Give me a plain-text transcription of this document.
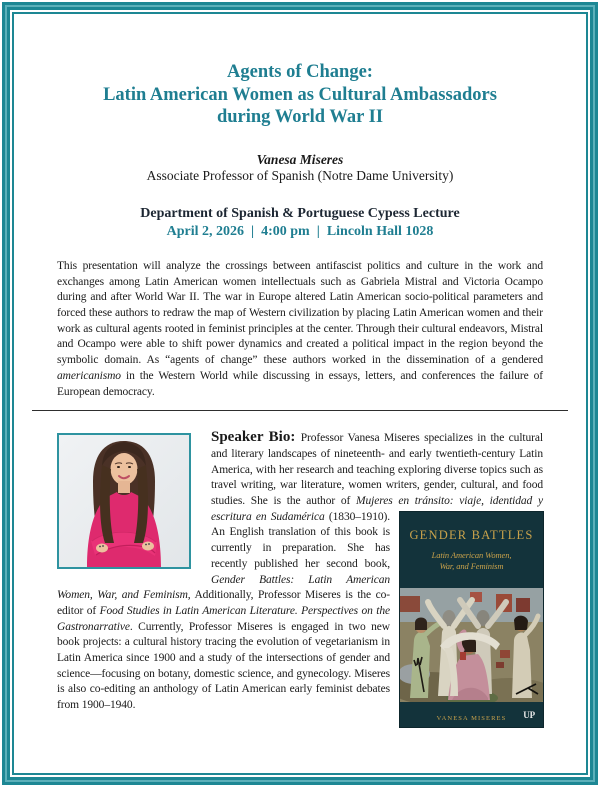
Agents of Change:
Latin American Women as Cultural Ambassadors
during World War II
Vanesa Miseres
Associate Professor of Spanish (Notre Dame University)
Department of Spanish & Portuguese Cypess Lecture
April 2, 2026 | 4:00 pm | Lincoln Hall 1028

This presentation will analyze the crossings between antifascist politics and culture in the work and exchanges among Latin American women intellectuals such as Gabriela Mistral and Victoria Ocampo during and after World War II. The war in Europe altered Latin American socio-political parameters and forced these authors to redraw the map of Western civilization by placing Latin American women and their work as cultural agents rooted in feminist principles at the center. Through their cultural endeavors, Mistral and Ocampo were able to shift power dynamics and created a political impact in the region beyond the symbolic domain. As “agents of change” these authors worked in the dissemination of a gendered americanismo in the Western World while discussing in essays, letters, and conferences the failure of European democracy.

Speaker Bio: Professor Vanesa Miseres specializes in the cultural and literary landscapes of nineteenth- and early twentieth-century Latin America, with her research and teaching exploring diverse topics such as travel writing, war literature, women writers, gender, cultural, and food studies. She is the author of Mujeres en tránsito: viaje, identidad y escritura en Sudamérica (1830–1910).
GENDER BATTLES
Latin American Women,
War, and Feminism
VANESA MISERES	UP
An English translation of this book is currently in preparation. She has recently published her second book, Gender Battles: Latin American Women, War, and Feminism, Additionally, Professor Miseres is the co-editor of Food Studies in Latin American Literature. Perspectives on the Gastronarrative. Currently, Professor Miseres is engaged in two new book projects: a cultural history tracing the evolution of vegetarianism in Latin America since 1900 and a study of the intersections of gender and science—focusing on botany, domestic science, and gynecology. Miseres is also co-editing an anthology of Latin American early feminist debates from 1900–1940.
